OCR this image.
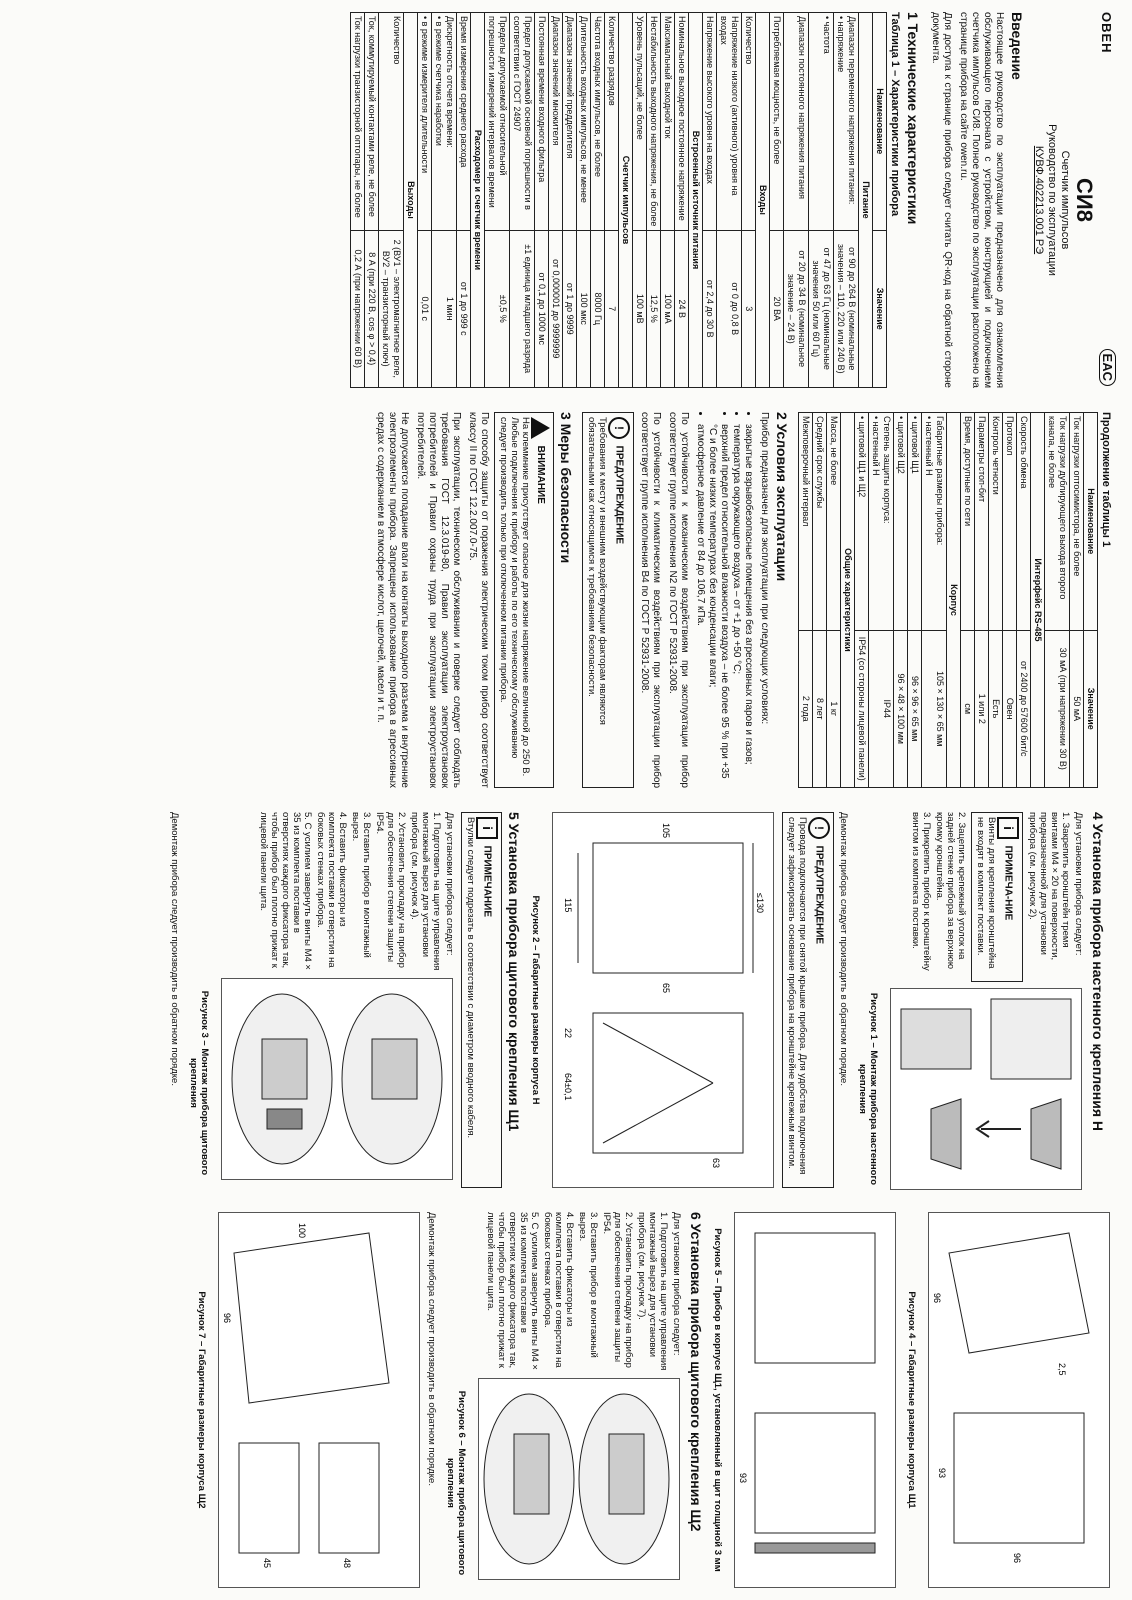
ОВЕН
СИ8
Счетчик импульсов
Руководство по эксплуатации
КУВФ.402213.001 РЭ
EAC
Введение

Настоящее руководство по эксплуатации предназначено для ознакомления обслуживающего персонала с устройством, конструкцией и подключением счетчика импульсов СИ8. Полное руководство по эксплуатации расположено на странице прибора на сайте owen.ru.

Для доступа к странице прибора следует считать QR-код на обратной стороне документа.

1 Технические характеристики
Таблица 1 – Характеристики прибора
Наименование	Значение
Питание	
Диапазон переменного напряжения питания:
• напряжение	от 90 до 264 В (номинальные значения – 110, 220 или 240 В)
• частота	от 47 до 63 Гц (номинальные значения 50 или 60 Гц)
Диапазон постоянного напряжения питания	от 20 до 34 В (номинальное значение – 24 В)
Потребляемая мощность, не более	20 ВА
Входы	
Количество	3
Напряжение низкого (активного) уровня на входах	от 0 до 0,8 В
Напряжение высокого уровня на входах	от 2,4 до 30 В
Встроенный источник питания	
Номинальное выходное постоянное напряжение	24 В
Максимальный выходной ток	100 мА
Нестабильность выходного напряжения, не более	12,5 %
Уровень пульсаций, не более	100 мВ
Счетчик импульсов	
Количество разрядов	7
Частота входных импульсов, не более	8000 Гц
Длительность входных импульсов, не менее	100 мкс
Диапазон значений предделителя	от 1 до 9999
Диапазон значений множителя	от 0,000001 до 9999999
Постоянная времени входного фильтра	от 0,1 до 1000 мс
Предел допускаемой основной погрешности в соответствии с ГОСТ 24907	±1 единица младшего разряда
Пределы допускаемой относительной погрешности измерений интервалов времени	±0,5 %
Расходомер и счетчик времени	
Время измерения среднего расхода	от 1 до 999 с
Дискретность отсчета времени:
• в режиме счетчика наработки	1 мин
• в режиме измерителя длительности	0,01 с
Выходы	
Количество	2 (ВУ1 – электромагнитное реле, ВУ2 – транзисторный ключ)
Ток, коммутируемый контактами реле, не более	8 А (при 220 В, cos φ > 0,4)
Ток нагрузки транзисторной оптопары, не более	0,2 А (при напряжении 60 В)
Продолжение таблицы 1
Наименование	Значение
Ток нагрузки оптосимистора, не более	50 мА
Ток нагрузки дублирующего выхода второго канала, не более	30 мА (при напряжении 30 В)
Интерфейс RS-485	
Скорость обмена	от 2400 до 57600 бит/с
Протокол	Овен
Контроль четности	Есть
Параметры стоп-бит	1 или 2
Время, доступные по сети	см
Корпус	
Габаритные размеры прибора:
• настенный Н	105 × 130 × 65 мм
• щитовой Щ1	96 × 96 × 65 мм
• щитовой Щ2	96 × 48 × 100 мм
Степень защиты корпуса:
• настенный Н	IP44
• щитовой Щ1 и Щ2	IP54 (со стороны лицевой панели)
Общие характеристики	
Масса, не более	1 кг
Средний срок службы	8 лет
Межповерочный интервал	2 года
2 Условия эксплуатации

Прибор предназначен для эксплуатации при следующих условиях:

• закрытые взрывобезопасные помещения без агрессивных паров и газов;
• температура окружающего воздуха – от +1 до +50 °С;
• верхний предел относительной влажности воздуха – не более 95 % при +35 °С и более низких температурах без конденсации влаги;
• атмосферное давление от 84 до 106,7 кПа.

По устойчивости к механическим воздействиям при эксплуатации прибор соответствует группе исполнения N2 по ГОСТ Р 52931-2008.

По устойчивости к климатическим воздействиям при эксплуатации прибор соответствует группе исполнения В4 по ГОСТ Р 52931-2008.

! ПРЕДУПРЕЖДЕНИЕ
Требования к месту и внешним воздействующим факторам являются обязательными как относящимся к требованиям безопасности.
3 Меры безопасности
ВНИМАНИЕ
На клеммнике присутствует опасное для жизни напряжение величиной до 250 В. Любые подключения к прибору и работы по его техническому обслуживанию следует производить только при отключенном питании прибора.

По способу защиты от поражения электрическим током прибор соответствует классу II по ГОСТ 12.2.007.0-75.

При эксплуатации, техническом обслуживании и поверке следует соблюдать требования ГОСТ 12.3.019-80, Правил эксплуатации электроустановок потребителей и Правил охраны труда при эксплуатации электроустановок потребителей.

Не допускается попадание влаги на контакты выходного разъема и внутренние электроэлементы прибора. Запрещено использование прибора в агрессивных средах с содержанием в атмосфере кислот, щелочей, масел и т. п.

4 Установка прибора настенного крепления Н
Для установки прибора следует:
1. Закрепить кронштейн тремя винтами М4 × 20 на поверхности, предназначенной для установки прибора (см. рисунок 2).
i ПРИМЕЧА-НИЕ
Винты для крепления кронштейна не входят в комплект поставки.
2. Зацепить крепежный уголок на задней стенке прибора за верхнюю кромку кронштейна.
3. Прикрепить прибор к кронштейну винтом из комплекта поставки.
Рисунок 1 – Монтаж прибора настенного крепления
Демонтаж прибора следует производить в обратном порядке.
! ПРЕДУПРЕЖДЕНИЕ
Провода подключаются при снятой крышке прибора. Для удобства подключения следует зафиксировать основание прибора на кронштейне крепежным винтом.
≤130
115
105
65
63
64±0,1
22
Рисунок 2 – Габаритные размеры корпуса Н
5 Установка прибора щитового крепления Щ1
i ПРИМЕЧАНИЕ
Втулки следует подрезать в соответствии с диаметром вводного кабеля.
Для установки прибора следует:
1. Подготовить на щите управления монтажный вырез для установки прибора (см. рисунок 4).
2. Установить прокладку на прибор для обеспечения степени защиты IP54.
3. Вставить прибор в монтажный вырез.
4. Вставить фиксаторы из комплекта поставки в отверстия на боковых стенках прибора.
5. С усилием завернуть винты М4 × 35 из комплекта поставки в отверстиях каждого фиксатора так, чтобы прибор был плотно прижат к лицевой панели щита.
Рисунок 3 – Монтаж прибора щитового крепления
Демонтаж прибора следует производить в обратном порядке.
96
96
93
2,5
Рисунок 4 – Габаритные размеры корпуса Щ1
93
Рисунок 5 – Прибор в корпусе Щ1, установленный в щит толщиной 3 мм
6 Установка прибора щитового крепления Щ2
Для установки прибора следует:
1. Подготовить на щите управления монтажный вырез для установки прибора (см. рисунок 7).
2. Установить прокладку на прибор для обеспечения степени защиты IP54.
3. Вставить прибор в монтажный вырез.
4. Вставить фиксаторы из комплекта поставки в отверстия на боковых стенках прибора.
5. С усилием завернуть винты М4 × 35 из комплекта поставки в отверстиях каждого фиксатора так, чтобы прибор был плотно прижат к лицевой панели щита.
Рисунок 6 – Монтаж прибора щитового крепления
Демонтаж прибора следует производить в обратном порядке.
100
96
48
45
Рисунок 7 – Габаритные размеры корпуса Щ2
